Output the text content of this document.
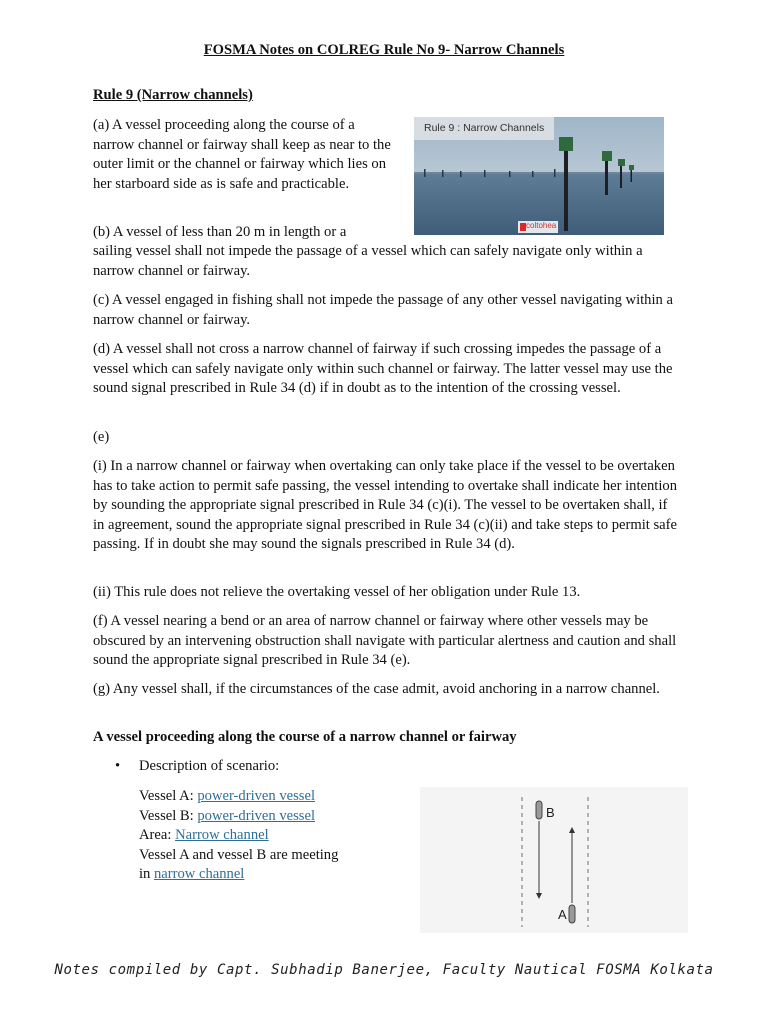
FOSMA Notes on COLREG Rule No 9- Narrow Channels
Rule 9 (Narrow channels)
(a) A vessel proceeding along the course of a narrow channel or fairway shall keep as near to the outer limit or the channel or fairway which lies on her starboard side as is safe and practicable.
Rule 9 : Narrow Channels
coltohea
(b) A vessel of less than 20 m in length or a
sailing vessel shall not impede the passage of a vessel which can safely navigate only within a narrow channel or fairway.
(c) A vessel engaged in fishing shall not impede the passage of any other vessel navigating within a narrow channel or fairway.
(d) A vessel shall not cross a narrow channel of fairway if such crossing impedes the passage of a vessel which can safely navigate only within such channel or fairway. The latter vessel may use the sound signal prescribed in Rule 34 (d) if in doubt as to the intention of the crossing vessel.
(e)
(i) In a narrow channel or fairway when overtaking can only take place if the vessel to be overtaken has to take action to permit safe passing, the vessel intending to overtake shall indicate her intention by sounding the appropriate signal prescribed in Rule 34 (c)(i). The vessel to be overtaken shall, if in agreement, sound the appropriate signal prescribed in Rule 34 (c)(ii) and take steps to permit safe passing. If in doubt she may sound the signals prescribed in Rule 34 (d).
(ii) This rule does not relieve the overtaking vessel of her obligation under Rule 13.
(f) A vessel nearing a bend or an area of narrow channel or fairway where other vessels may be obscured by an intervening obstruction shall navigate with particular alertness and caution and shall sound the appropriate signal prescribed in Rule 34 (e).
(g) Any vessel shall, if the circumstances of the case admit, avoid anchoring in a narrow channel.
A vessel proceeding along the course of a narrow channel or fairway
• Description of scenario:
Vessel A: power-driven vessel
Vessel B: power-driven vessel
Area: Narrow channel
Vessel A and vessel B are meeting
in narrow channel
B
A
Notes compiled by Capt. Subhadip Banerjee, Faculty Nautical FOSMA Kolkata
